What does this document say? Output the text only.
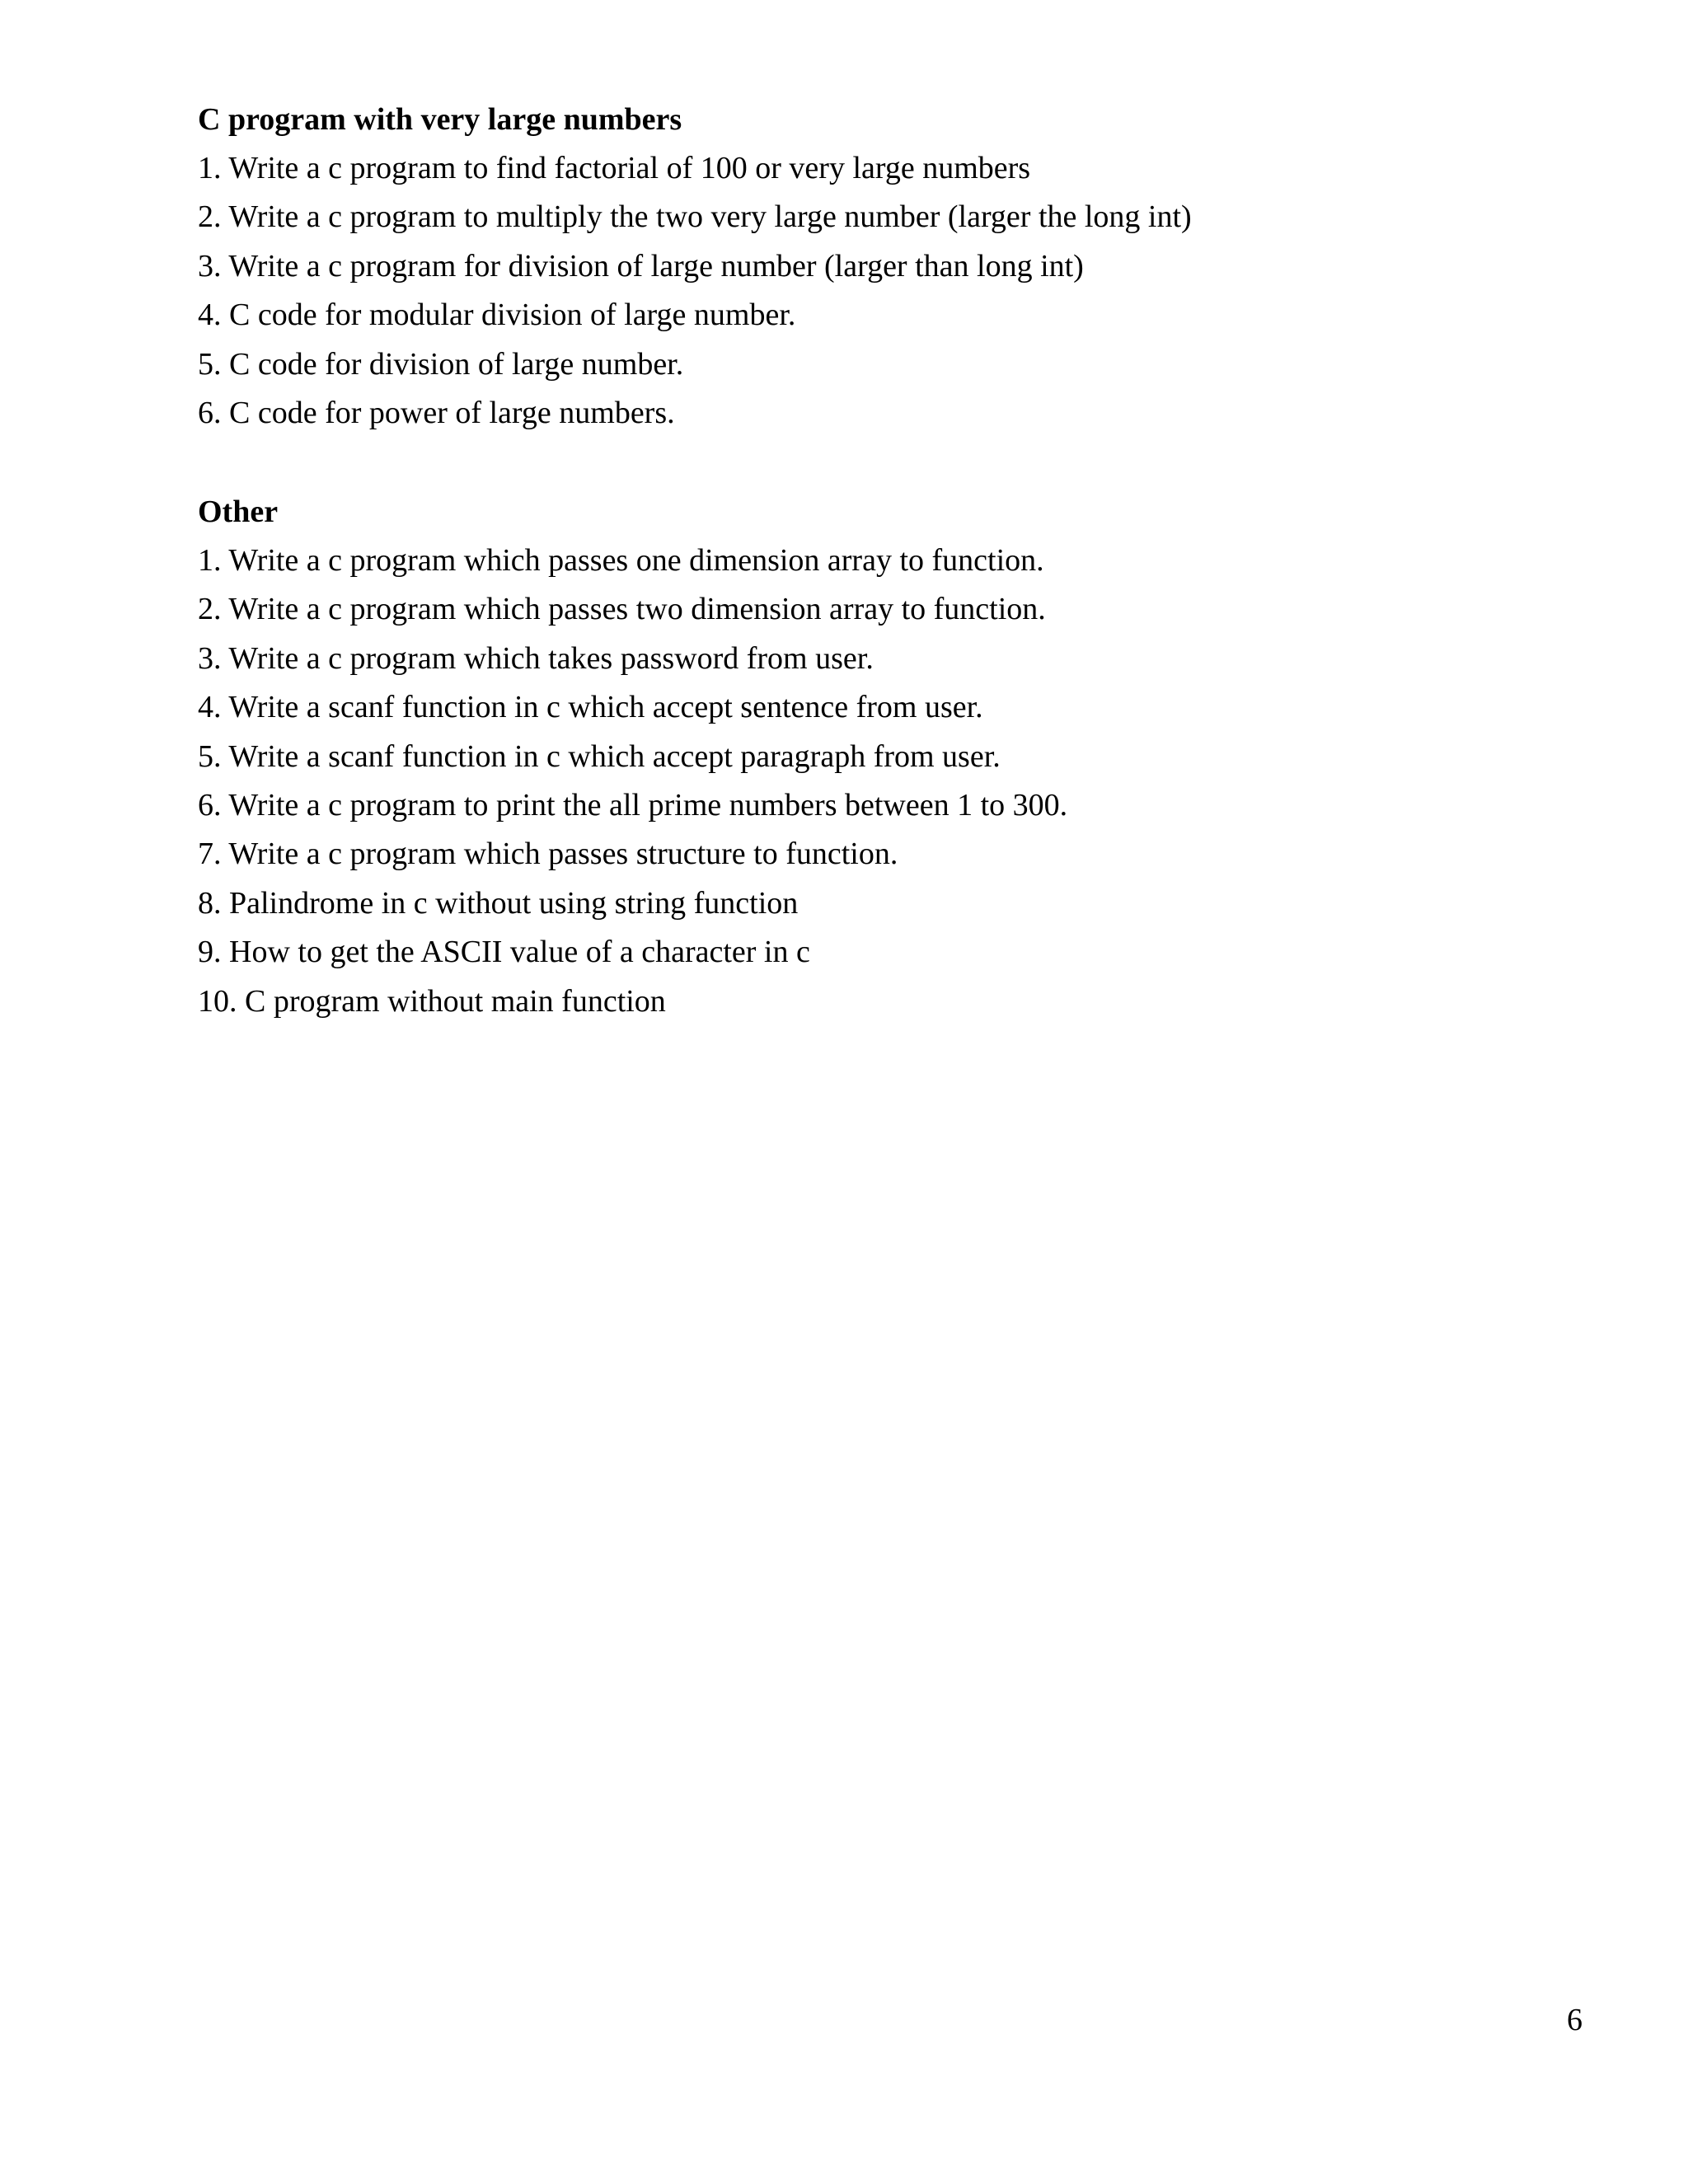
C program with very large numbers
1. Write a c program to find factorial of 100 or very large numbers
2. Write a c program to multiply the two very large number (larger the long int)
3. Write a c program for division of large number (larger than long int)
4. C code for modular division of large number.
5. C code for division of large number.
6. C code for power of large numbers.
Other
1. Write a c program which passes one dimension array to function.
2. Write a c program which passes two dimension array to function.
3. Write a c program which takes password from user.
4. Write a scanf function in c which accept sentence from user.
5. Write a scanf function in c which accept paragraph from user.
6. Write a c program to print the all prime numbers between 1 to 300.
7. Write a c program which passes structure to function.
8. Palindrome in c without using string function
9. How to get the ASCII value of a character in c
10. C program without main function
6
